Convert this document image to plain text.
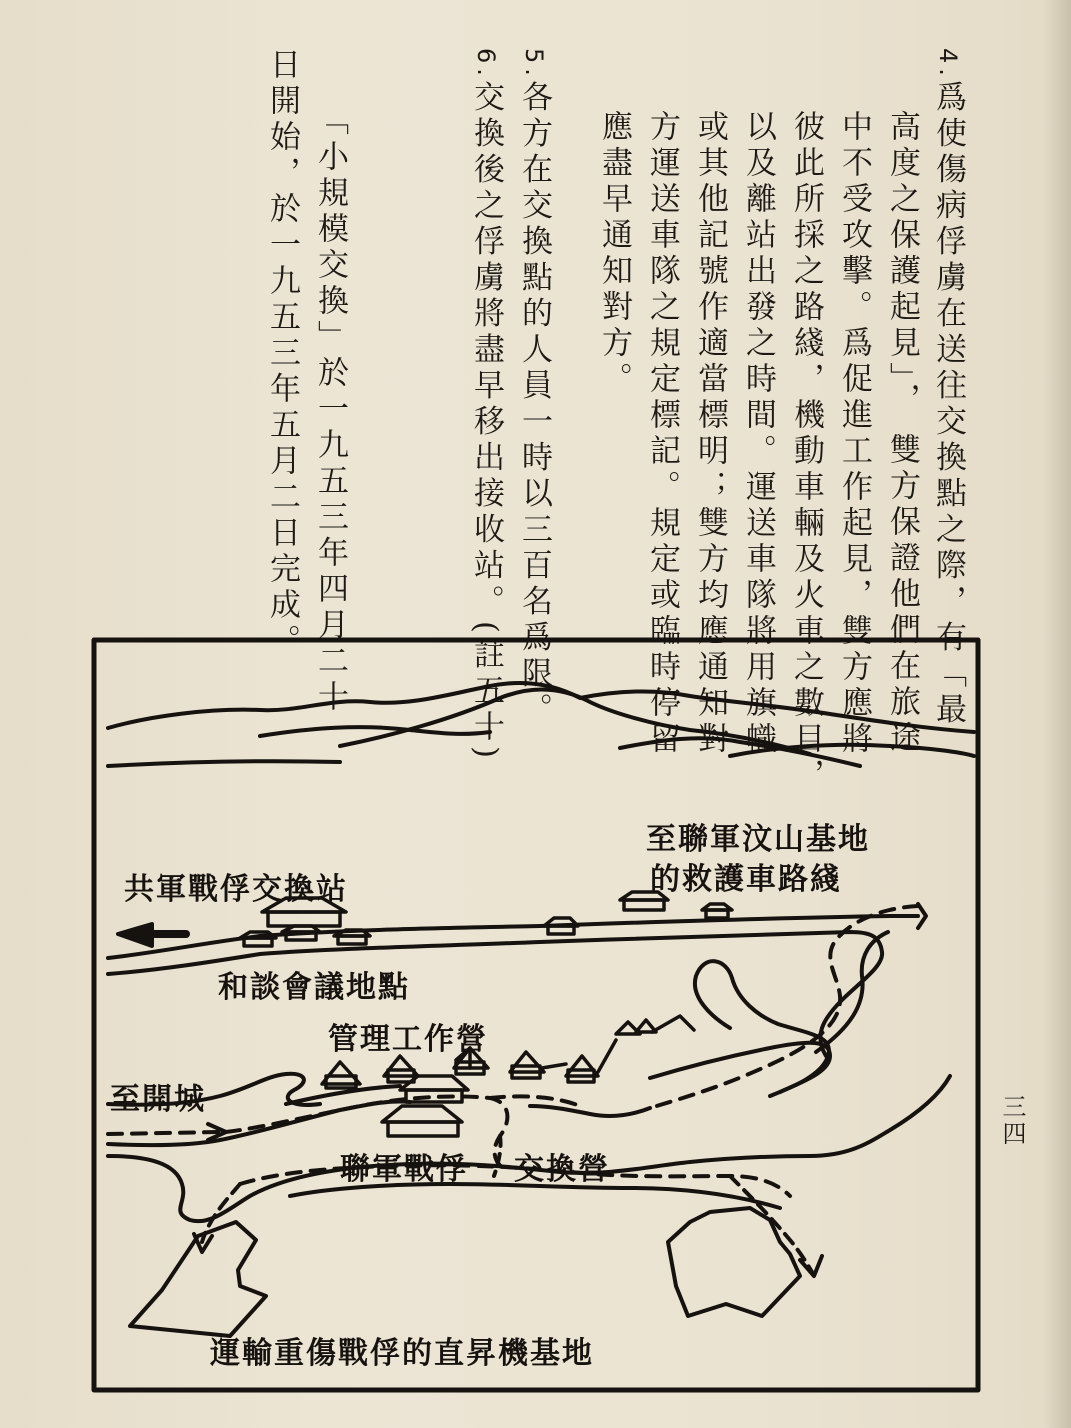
4.爲使傷病俘虜在送往交換點之際，有「最
高度之保護起見」， 雙方保證他們在旅途
中不受攻擊。爲促進工作起見，雙方應將
彼此所採之路綫，機動車輛及火車之數目，
以及離站出發之時間。運送車隊將用旗幟
或其他記號作適當標明；雙方均應通知對
方運送車隊之規定標記。規定或臨時停留
應盡早通知對方。
5.各方在交換點的人員一時以三百名爲限。
6.交換後之俘虜將盡早移出接收站。(註五十)
「小規模交換」於一九五三年四月二十
日開始，於一九五三年五月二日完成。
三四
至聯軍汶山基地
的救護車路綫
共軍戰俘交換站
和談會議地點
管理工作營
至開城
聯軍戰俘 交換營
運輸重傷戰俘的直昇機基地
